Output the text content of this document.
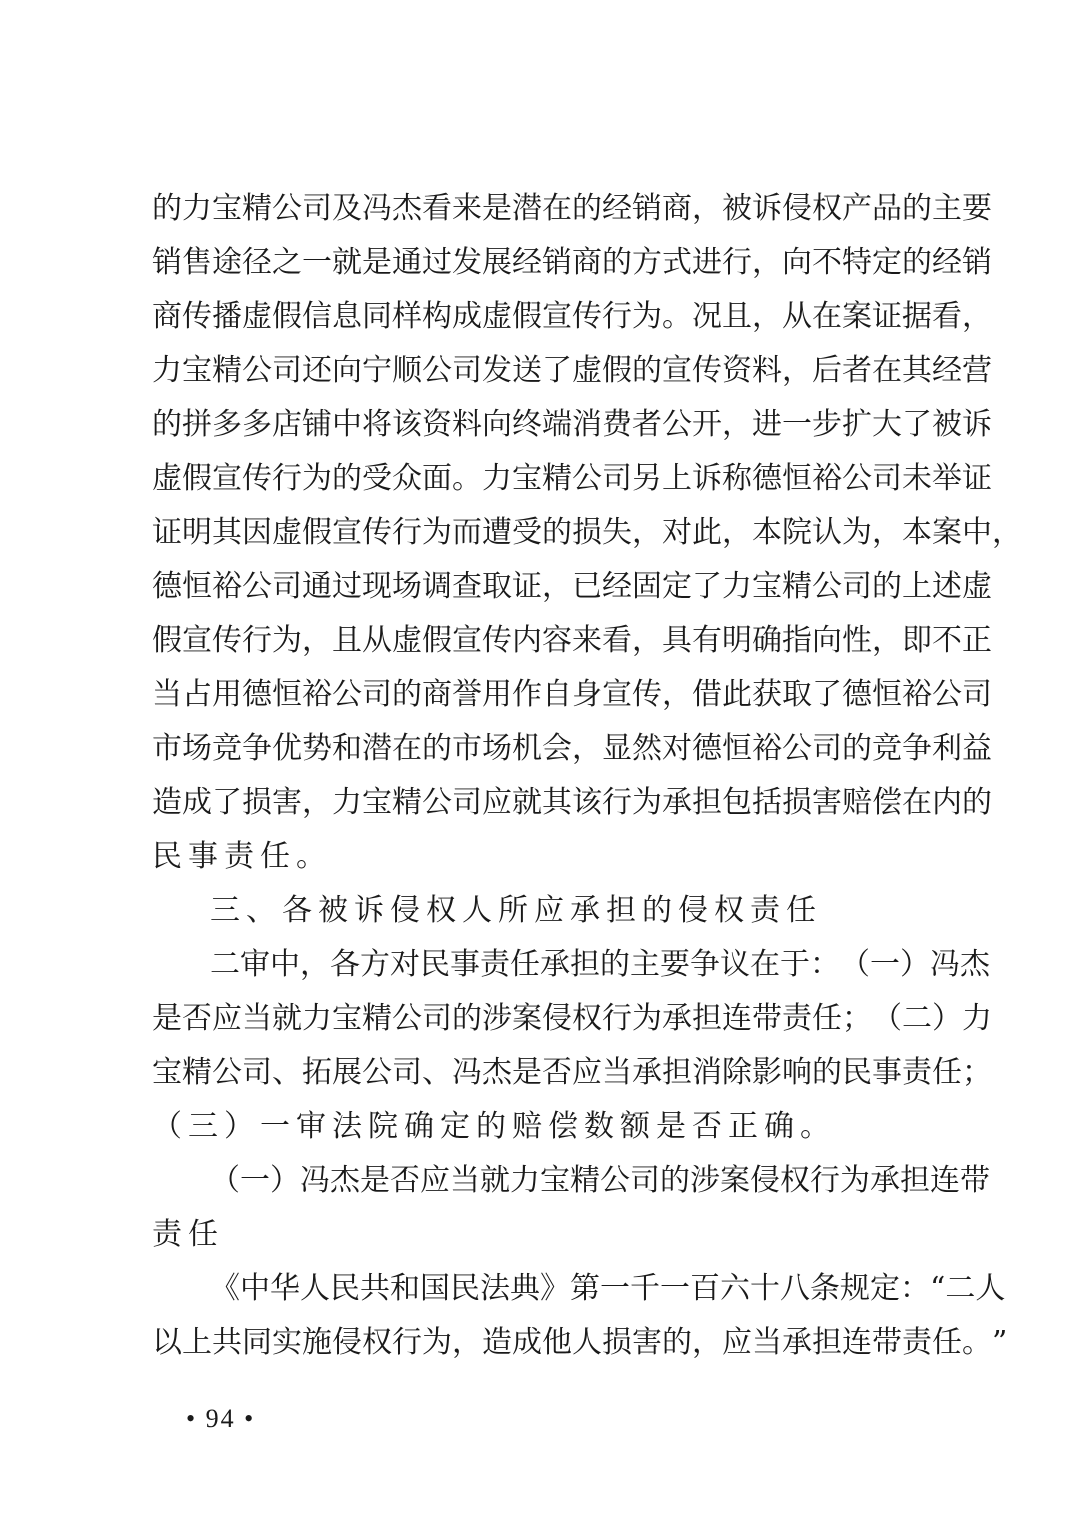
的 力 宝 精 公 司 及 冯 杰 看 来 是 潜 在 的 经 销 商 ， 被 诉 侵 权 产 品 的 主 要
销 售 途 径 之 一 就 是 通 过 发 展 经 销 商 的 方 式 进 行 ， 向 不 特 定 的 经 销
商 传 播 虚 假 信 息 同 样 构 成 虚 假 宣 传 行 为 。 况 且 ， 从 在 案 证 据 看 ，
力 宝 精 公 司 还 向 宁 顺 公 司 发 送 了 虚 假 的 宣 传 资 料 ， 后 者 在 其 经 营
的 拼 多 多 店 铺 中 将 该 资 料 向 终 端 消 费 者 公 开 ， 进 一 步 扩 大 了 被 诉
虚 假 宣 传 行 为 的 受 众 面 。 力 宝 精 公 司 另 上 诉 称 德 恒 裕 公 司 未 举 证
证 明 其 因 虚 假 宣 传 行 为 而 遭 受 的 损 失 ， 对 此 ， 本 院 认 为 ， 本 案 中 ，
德 恒 裕 公 司 通 过 现 场 调 查 取 证 ， 已 经 固 定 了 力 宝 精 公 司 的 上 述 虚
假 宣 传 行 为 ， 且 从 虚 假 宣 传 内 容 来 看 ， 具 有 明 确 指 向 性 ， 即 不 正
当 占 用 德 恒 裕 公 司 的 商 誉 用 作 自 身 宣 传 ， 借 此 获 取 了 德 恒 裕 公 司
市 场 竞 争 优 势 和 潜 在 的 市 场 机 会 ， 显 然 对 德 恒 裕 公 司 的 竞 争 利 益
造 成 了 损 害 ， 力 宝 精 公 司 应 就 其 该 行 为 承 担 包 括 损 害 赔 偿 在 内 的
民事责任。
三、各被诉侵权人所应承担的侵权责任
二 审 中 ， 各 方 对 民 事 责 任 承 担 的 主 要 争 议 在 于 ： （ 一 ） 冯 杰
是 否 应 当 就 力 宝 精 公 司 的 涉 案 侵 权 行 为 承 担 连 带 责 任 ； （ 二 ） 力
宝 精 公 司 、 拓 展 公 司 、 冯 杰 是 否 应 当 承 担 消 除 影 响 的 民 事 责 任 ；
（三）一审法院确定的赔偿数额是否正确。
（ 一 ） 冯 杰 是 否 应 当 就 力 宝 精 公 司 的 涉 案 侵 权 行 为 承 担 连 带
责任
《 中 华 人 民 共 和 国 民 法 典 》 第 一 千 一 百 六 十 八 条 规 定 ： “ 二 人
以 上 共 同 实 施 侵 权 行 为 ， 造 成 他 人 损 害 的 ， 应 当 承 担 连 带 责 任 。 ”
• 94 •
